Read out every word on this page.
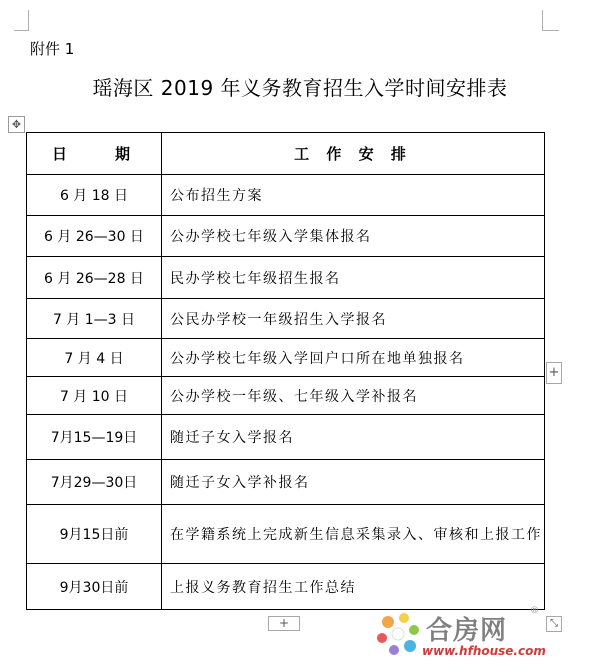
附件 1
瑶海区 2019 年义务教育招生入学时间安排表
✥
日　　期	工 作 安 排
6 月 18 日	公布招生方案
6 月 26—30 日	公办学校七年级入学集体报名
6 月 26—28 日	民办学校七年级招生报名
7 月 1—3 日	公民办学校一年级招生入学报名
7 月 4 日	公办学校七年级入学回户口所在地单独报名
7 月 10 日	公办学校一年级、七年级入学补报名
7月15—19日	随迁子女入学报名
7月29—30日	随迁子女入学补报名
9月15日前	在学籍系统上完成新生信息采集录入、审核和上报工作
9月30日前	上报义务教育招生工作总结
+
+	⤡
合房网
®
www.hfhouse.com
